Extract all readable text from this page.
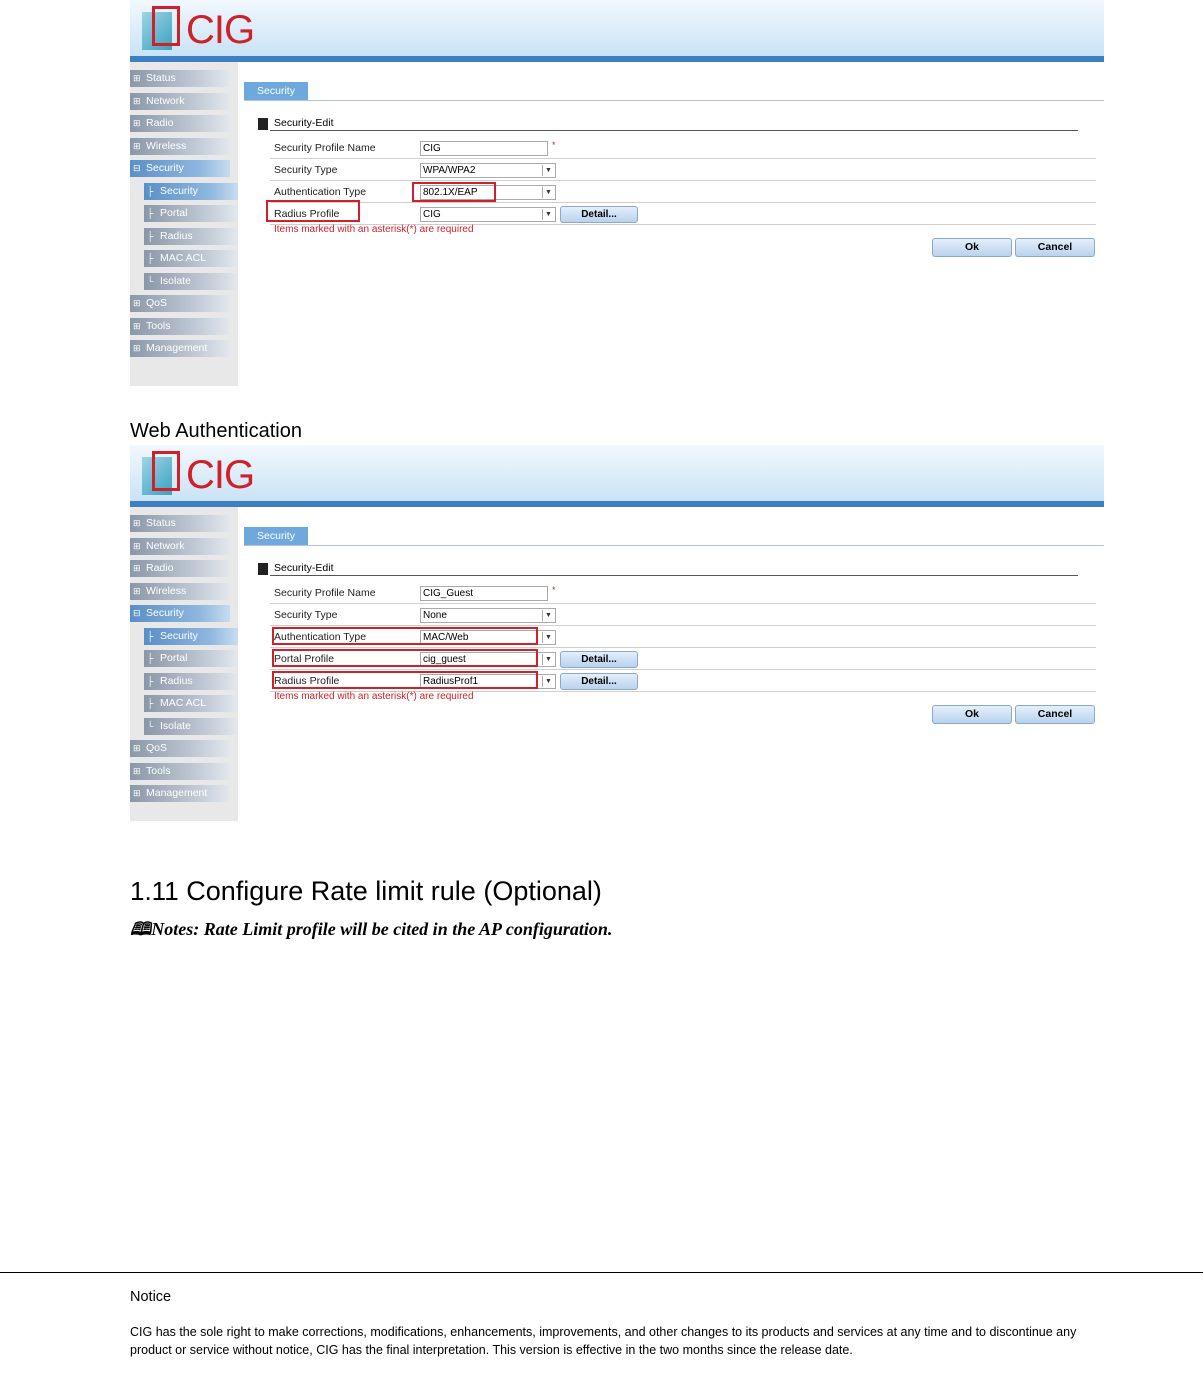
CIG
⊞ Status
⊞ Network
⊞ Radio
⊞ Wireless
⊟ Security
├ Security
├ Portal
├ Radius
├ MAC ACL
└ Isolate
⊞ QoS
⊞ Tools
⊞ Management
Security
Security-Edit
Security Profile Name	CIG	*
Security Type	WPA/WPA2	▼
Authentication Type	802.1X/EAP	▼
Radius Profile	CIG	▼	Detail...
Items marked with an asterisk(*) are required
Ok	Cancel
Web Authentication
CIG
⊞ Status
⊞ Network
⊞ Radio
⊞ Wireless
⊟ Security
├ Security
├ Portal
├ Radius
├ MAC ACL
└ Isolate
⊞ QoS
⊞ Tools
⊞ Management
Security
Security-Edit
Security Profile Name	CIG_Guest	*
Security Type	None	▼
Authentication Type	MAC/Web	▼
Portal Profile	cig_guest	▼	Detail...
Radius Profile	RadiusProf1	▼	Detail...
Items marked with an asterisk(*) are required
Ok	Cancel
1.11 Configure Rate limit rule (Optional)
🕮Notes: Rate Limit profile will be cited in the AP configuration.
Notice
CIG has the sole right to make corrections, modifications, enhancements, improvements, and other changes to its products and services at any time and to discontinue any product or service without notice, CIG has the final interpretation. This version is effective in the two months since the release date.
